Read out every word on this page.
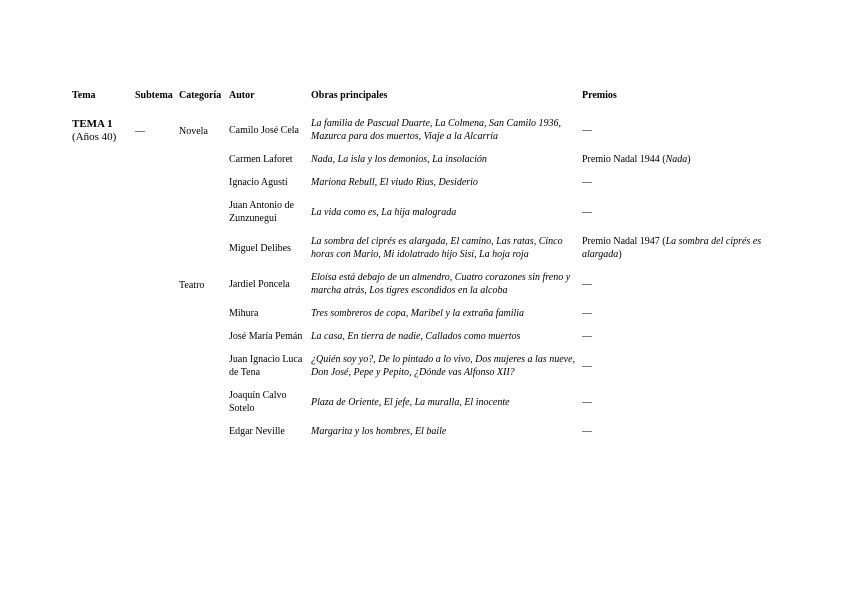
Tema	Subtema	Categoría	Autor	Obras principales	Premios

TEMA 1
(Años 40)	—	Novela	Camilo José Cela	La familia de Pascual Duarte, La Colmena, San Camilo 1936, Mazurca para dos muertos, Viaje a la Alcarria	—
			Carmen Laforet	Nada, La isla y los demonios, La insolación	Premio Nadal 1944 (Nada)
			Ignacio Agustí	Mariona Rebull, El viudo Rius, Desiderio	—
			Juan Antonio de Zunzunegui	La vida como es, La hija malograda	—
			Miguel Delibes	La sombra del ciprés es alargada, El camino, Las ratas, Cinco horas con Mario, Mi idolatrado hijo Sisí, La hoja roja	Premio Nadal 1947 (La sombra del ciprés es alargada)
		Teatro	Jardiel Poncela	Eloísa está debajo de un almendro, Cuatro corazones sin freno y marcha atrás, Los tigres escondidos en la alcoba	—
			Mihura	Tres sombreros de copa, Maribel y la extraña familia	—
			José María Pemán	La casa, En tierra de nadie, Callados como muertos	—
			Juan Ignacio Luca de Tena	¿Quién soy yo?, De lo pintado a lo vivo, Dos mujeres a las nueve, Don José, Pepe y Pepito, ¿Dónde vas Alfonso XII?	—
			Joaquín Calvo Sotelo	Plaza de Oriente, El jefe, La muralla, El inocente	—
			Edgar Neville	Margarita y los hombres, El baile	—
